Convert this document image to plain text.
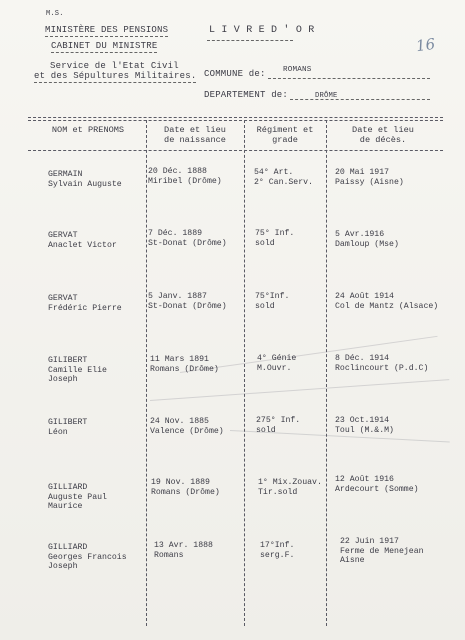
M.S.
MINISTÈRE DES PENSIONS
CABINET DU MINISTRE
Service de l'Etat Civil
et des Sépultures Militaires.
L I V R E D ' O R
16
COMMUNE de: ROMANS
DEPARTEMENT de:	DRÔME
NOM et PRENOMS	Date et lieu
de naissance
Régiment et
grade
Date et lieu
de décès.
GERMAIN
Sylvain Auguste
20 Déc. 1888
Miribel (Drôme)
54° Art.
2° Can.Serv.
20 Mai 1917
Paissy (Aisne)
GERVAT
Anaclet Victor
7 Déc. 1889
St-Donat (Drôme)
75° Inf.
sold
5 Avr.1916
Damloup (Mse)
GERVAT
Frédéric Pierre
5 Janv. 1887
St-Donat (Drôme)
75°Inf.
sold
24 Août 1914
Col de Mantz (Alsace)
GILIBERT
Camille Elie
Joseph
11 Mars 1891
Romans (Drôme)
4° Génie
M.Ouvr.
8 Déc. 1914
Roclincourt (P.d.C)
GILIBERT
Léon
24 Nov. 1885
Valence (Drôme)
275° Inf.
sold
23 Oct.1914
Toul (M.&.M)
GILLIARD
Auguste Paul
Maurice
19 Nov. 1889
Romans (Drôme)
1° Mix.Zouav.
Tir.sold
12 Août 1916
Ardecourt (Somme)
GILLIARD
Georges Francois
Joseph
13 Avr. 1888
Romans
17°Inf.
serg.F.
22 Juin 1917
Ferme de Menejean
Aisne
